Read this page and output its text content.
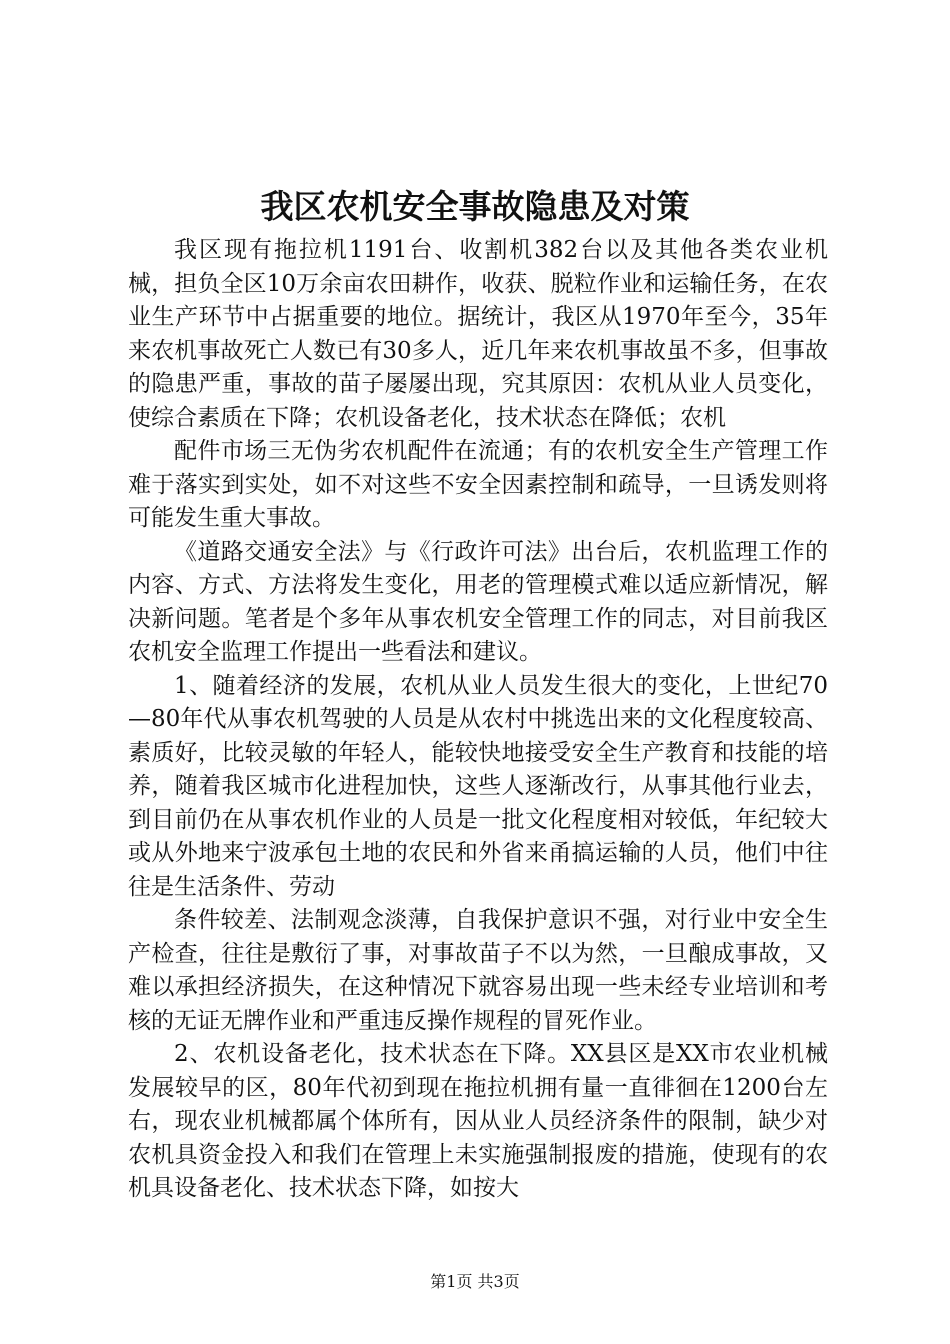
我区农机安全事故隐患及对策

我区现有拖拉机1191台、收割机382台以及其他各类农业机械，担负全区10万余亩农田耕作，收获、脱粒作业和运输任务，在农业生产环节中占据重要的地位。据统计，我区从1970年至今，35年来农机事故死亡人数已有30多人，近几年来农机事故虽不多，但事故的隐患严重，事故的苗子屡屡出现，究其原因：农机从业人员变化，使综合素质在下降；农机设备老化，技术状态在降低；农机

配件市场三无伪劣农机配件在流通；有的农机安全生产管理工作难于落实到实处，如不对这些不安全因素控制和疏导，一旦诱发则将可能发生重大事故。

《道路交通安全法》与《行政许可法》出台后，农机监理工作的内容、方式、方法将发生变化，用老的管理模式难以适应新情况，解决新问题。笔者是个多年从事农机安全管理工作的同志，对目前我区农机安全监理工作提出一些看法和建议。

1、随着经济的发展，农机从业人员发生很大的变化，上世纪70—80年代从事农机驾驶的人员是从农村中挑选出来的文化程度较高、素质好，比较灵敏的年轻人，能较快地接受安全生产教育和技能的培养，随着我区城市化进程加快，这些人逐渐改行，从事其他行业去，到目前仍在从事农机作业的人员是一批文化程度相对较低，年纪较大或从外地来宁波承包土地的农民和外省来甬搞运输的人员，他们中往往是生活条件、劳动

条件较差、法制观念淡薄，自我保护意识不强，对行业中安全生产检查，往往是敷衍了事，对事故苗子不以为然，一旦酿成事故，又难以承担经济损失，在这种情况下就容易出现一些未经专业培训和考核的无证无牌作业和严重违反操作规程的冒死作业。

2、农机设备老化，技术状态在下降。XX县区是XX市农业机械发展较早的区，80年代初到现在拖拉机拥有量一直徘徊在1200台左右，现农业机械都属个体所有，因从业人员经济条件的限制，缺少对农机具资金投入和我们在管理上未实施强制报废的措施，使现有的农机具设备老化、技术状态下降，如按大

第1页 共3页
